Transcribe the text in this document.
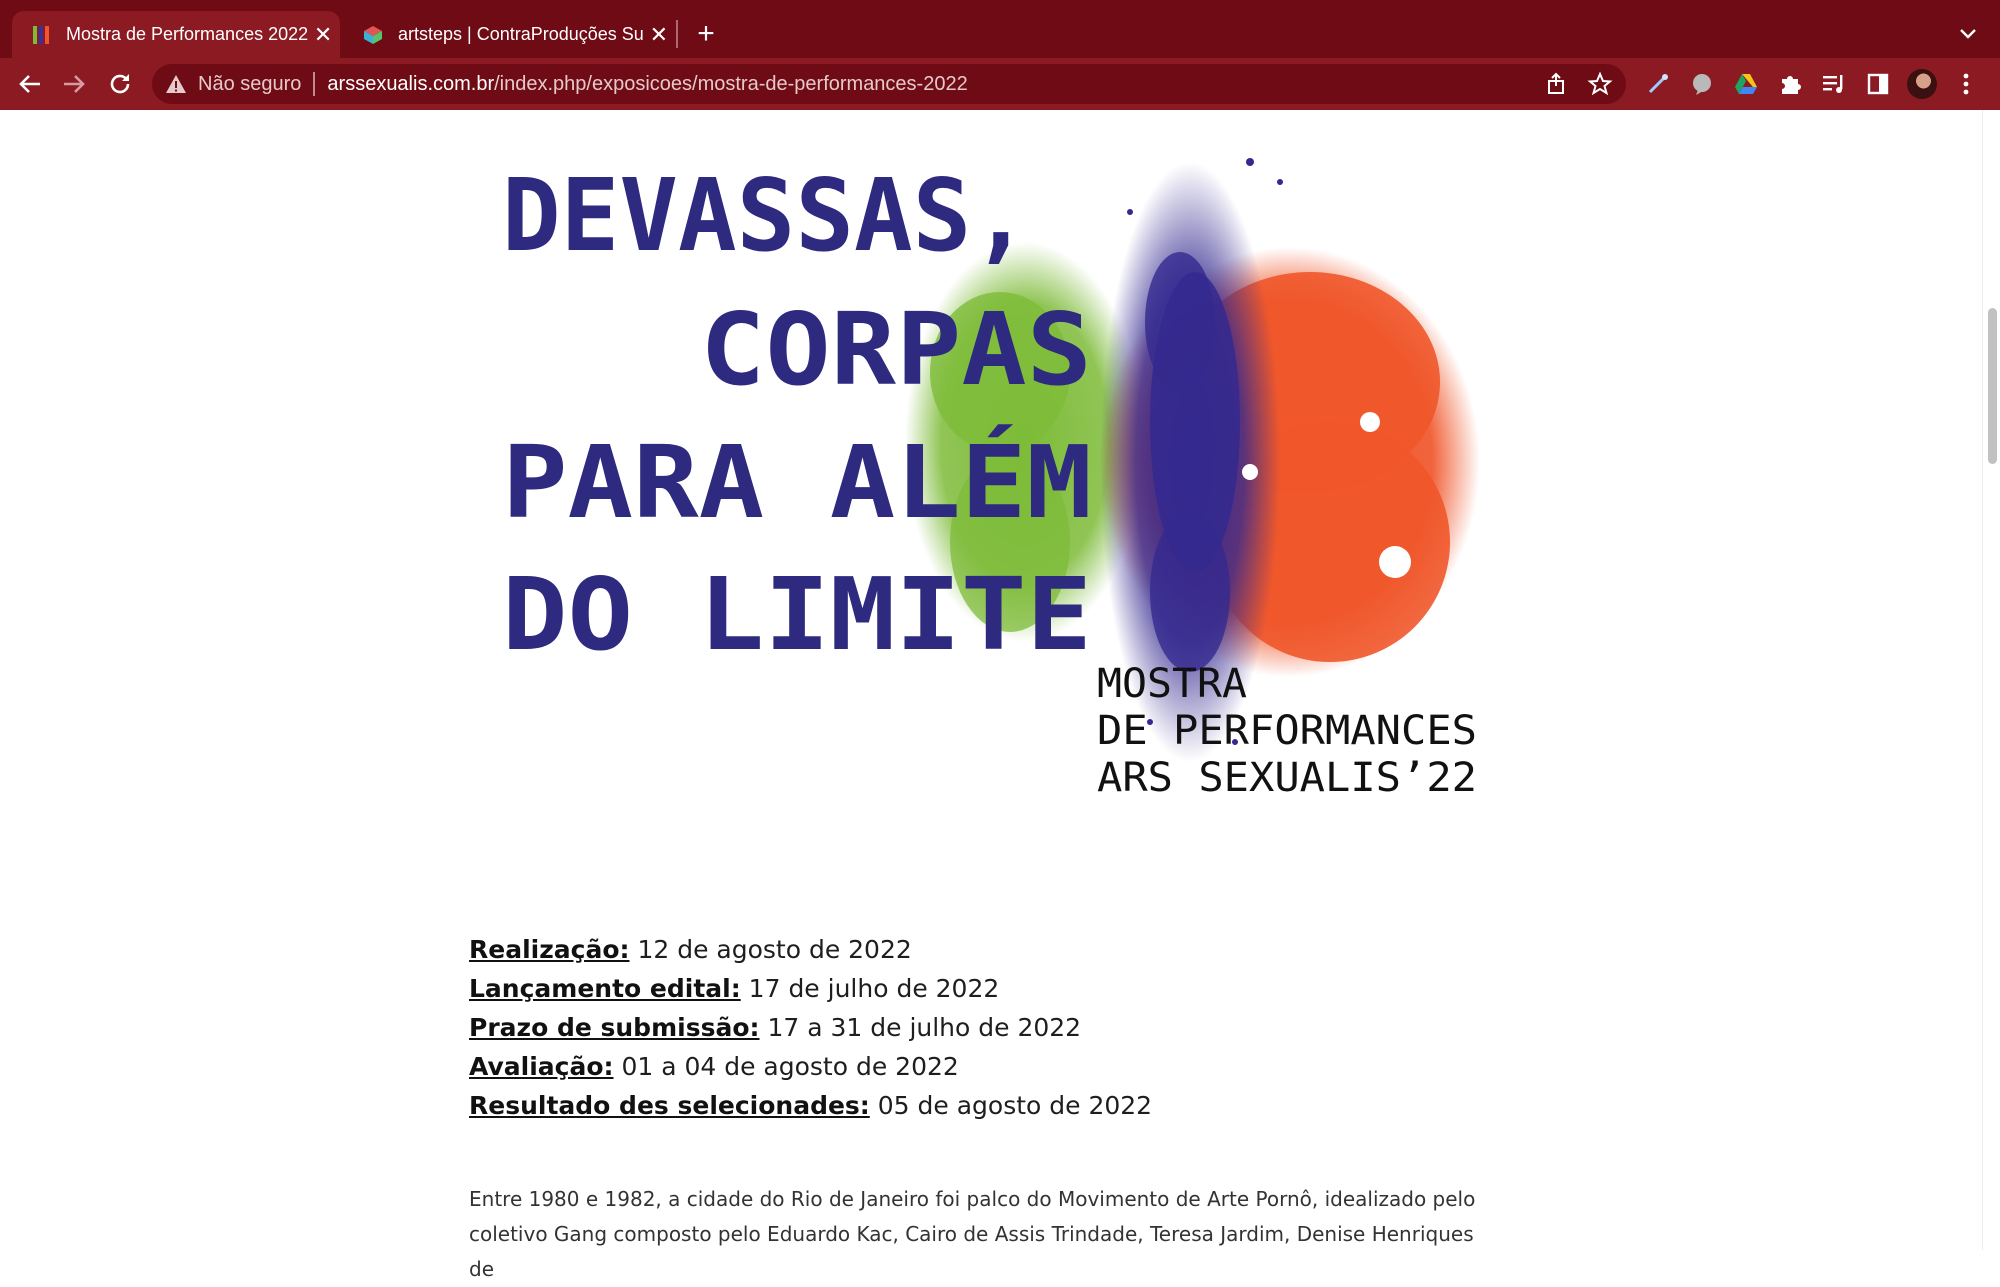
Mostra de Performances 2022 ✕	artsteps | ContraProduções Su ✕ +
Não seguro arssexualis.com.br /index.php/exposicoes/mostra-de-performances-2022
DEVASSAS,
CORPAS
PARA ALÉM
DO LIMITE
MOSTRA
DE PERFORMANCES
ARS SEXUALIS’22
Realização: 12 de agosto de 2022
Lançamento edital: 17 de julho de 2022
Prazo de submissão: 17 a 31 de julho de 2022
Avaliação: 01 a 04 de agosto de 2022
Resultado des selecionades: 05 de agosto de 2022
Entre 1980 e 1982, a cidade do Rio de Janeiro foi palco do Movimento de Arte Pornô, idealizado pelo
coletivo Gang composto pelo Eduardo Kac, Cairo de Assis Trindade, Teresa Jardim, Denise Henriques de
